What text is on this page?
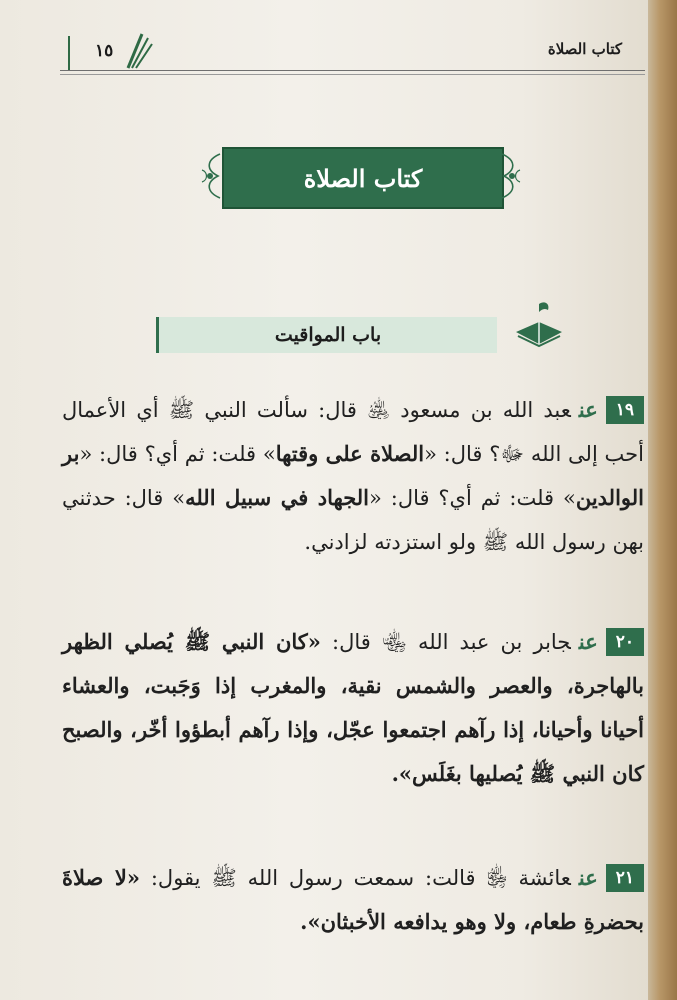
كتاب الصلاة
١٥
كتاب الصلاة
باب المواقيت
١٩عنعبد الله بن مسعود ﵁ قال: سألت النبي ﷺ أي الأعمال أحب إلى الله ﷻ؟ قال: «الصلاة على وقتها» قلت: ثم أي؟ قال: «بر الوالدين» قلت: ثم أي؟ قال: «الجهاد في سبيل الله» قال: حدثني بهن رسول الله ﷺ ولو استزدته لزادني.
٢٠عنجابر بن عبد الله ﵄ قال: «كان النبي ﷺ يُصلي الظهر بالهاجرة، والعصر والشمس نقية، والمغرب إذا وَجَبت، والعشاء أحيانا وأحيانا، إذا رآهم اجتمعوا عجّل، وإذا رآهم أبطؤوا أخّر، والصبح كان النبي ﷺ يُصليها بغَلَس».
٢١عنعائشة ﵂ قالت: سمعت رسول الله ﷺ يقول: «لا صلاةَ بحضرةِ طعام، ولا وهو يدافعه الأخبثان».
